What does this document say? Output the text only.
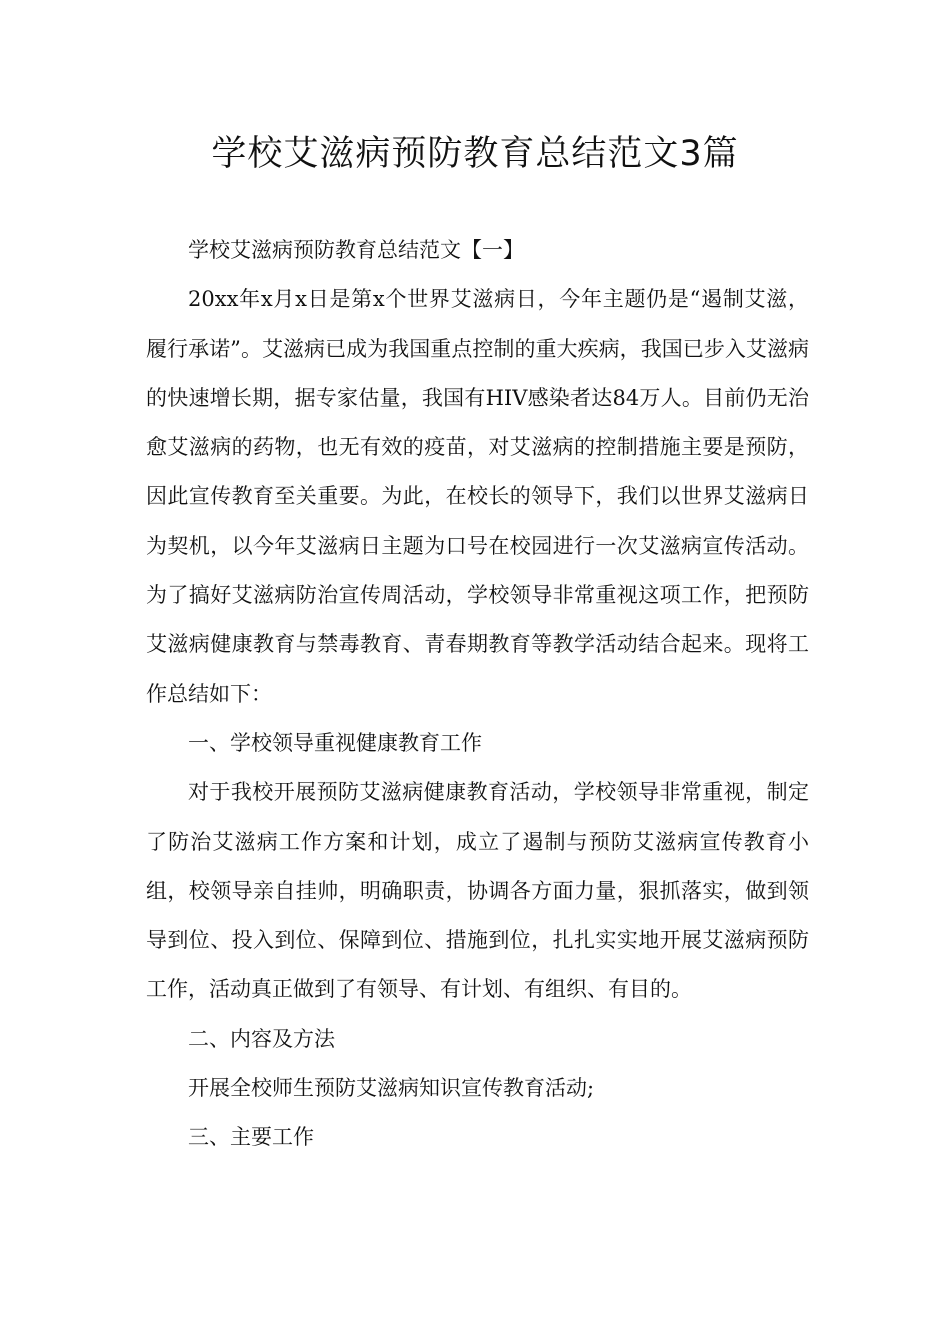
学校艾滋病预防教育总结范文3篇

学校艾滋病预防教育总结范文【一】

20xx年x月x日是第x个世界艾滋病日，今年主题仍是“遏制艾滋，履行承诺”。艾滋病已成为我国重点控制的重大疾病，我国已步入艾滋病的快速增长期，据专家估量，我国有HIV感染者达84万人。目前仍无治愈艾滋病的药物，也无有效的疫苗，对艾滋病的控制措施主要是预防，因此宣传教育至关重要。为此，在校长的领导下，我们以世界艾滋病日为契机，以今年艾滋病日主题为口号在校园进行一次艾滋病宣传活动。为了搞好艾滋病防治宣传周活动，学校领导非常重视这项工作，把预防艾滋病健康教育与禁毒教育、青春期教育等教学活动结合起来。现将工作总结如下：

一、学校领导重视健康教育工作

对于我校开展预防艾滋病健康教育活动，学校领导非常重视，制定了防治艾滋病工作方案和计划，成立了遏制与预防艾滋病宣传教育小组，校领导亲自挂帅，明确职责，协调各方面力量，狠抓落实，做到领导到位、投入到位、保障到位、措施到位，扎扎实实地开展艾滋病预防工作，活动真正做到了有领导、有计划、有组织、有目的。

二、内容及方法

开展全校师生预防艾滋病知识宣传教育活动;

三、主要工作
